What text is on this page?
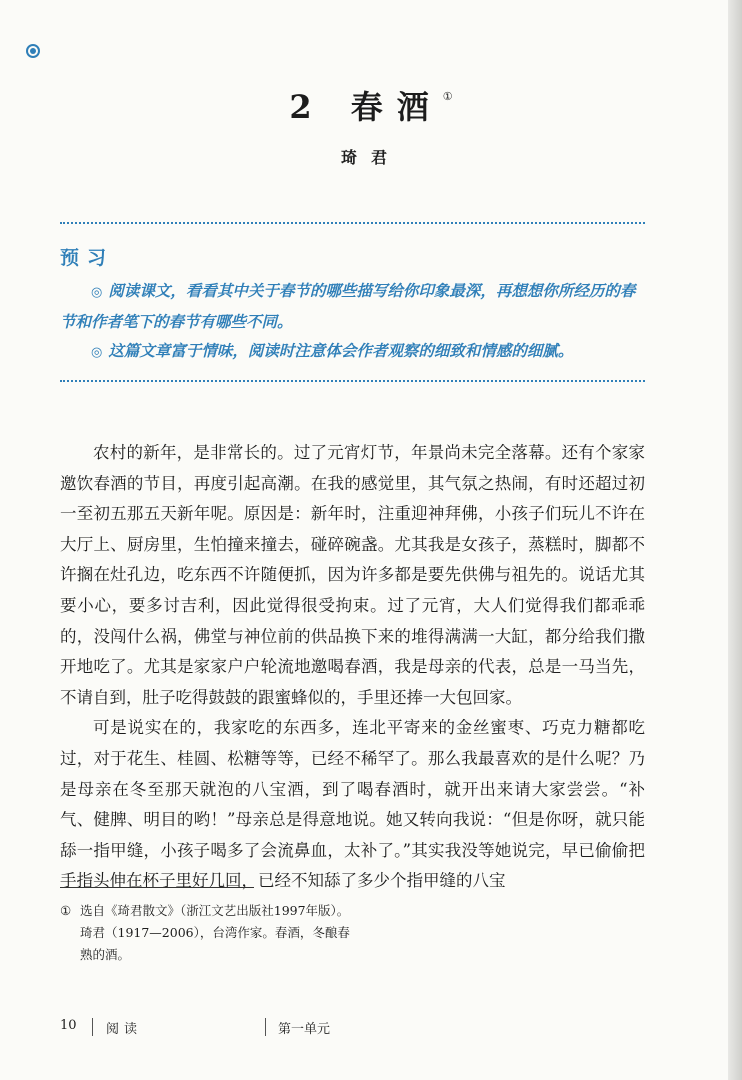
2 春酒①
琦君
预习

◎ 阅读课文，看看其中关于春节的哪些描写给你印象最深，再想想你所经历的春节和作者笔下的春节有哪些不同。

◎ 这篇文章富于情味，阅读时注意体会作者观察的细致和情感的细腻。

农村的新年，是非常长的。过了元宵灯节，年景尚未完全落幕。还有个家家邀饮春酒的节目，再度引起高潮。在我的感觉里，其气氛之热闹，有时还超过初一至初五那五天新年呢。原因是：新年时，注重迎神拜佛，小孩子们玩儿不许在大厅上、厨房里，生怕撞来撞去，碰碎碗盏。尤其我是女孩子，蒸糕时，脚都不许搁在灶孔边，吃东西不许随便抓，因为许多都是要先供佛与祖先的。说话尤其要小心，要多讨吉利，因此觉得很受拘束。过了元宵，大人们觉得我们都乖乖的，没闯什么祸，佛堂与神位前的供品换下来的堆得满满一大缸，都分给我们撒开地吃了。尤其是家家户户轮流地邀喝春酒，我是母亲的代表，总是一马当先，不请自到，肚子吃得鼓鼓的跟蜜蜂似的，手里还捧一大包回家。

可是说实在的，我家吃的东西多，连北平寄来的金丝蜜枣、巧克力糖都吃过，对于花生、桂圆、松糖等等，已经不稀罕了。那么我最喜欢的是什么呢？乃是母亲在冬至那天就泡的八宝酒，到了喝春酒时，就开出来请大家尝尝。“补气、健脾、明目的哟！”母亲总是得意地说。她又转向我说：“但是你呀，就只能舔一指甲缝，小孩子喝多了会流鼻血，太补了。”其实我没等她说完，早已偷偷把手指头伸在杯子里好几回，已经不知舔了多少个指甲缝的八宝

① 选自《琦君散文》（浙江文艺出版社1997年版）。琦君（1917—2006），台湾作家。春酒，冬酿春熟的酒。
10 阅读	第一单元
